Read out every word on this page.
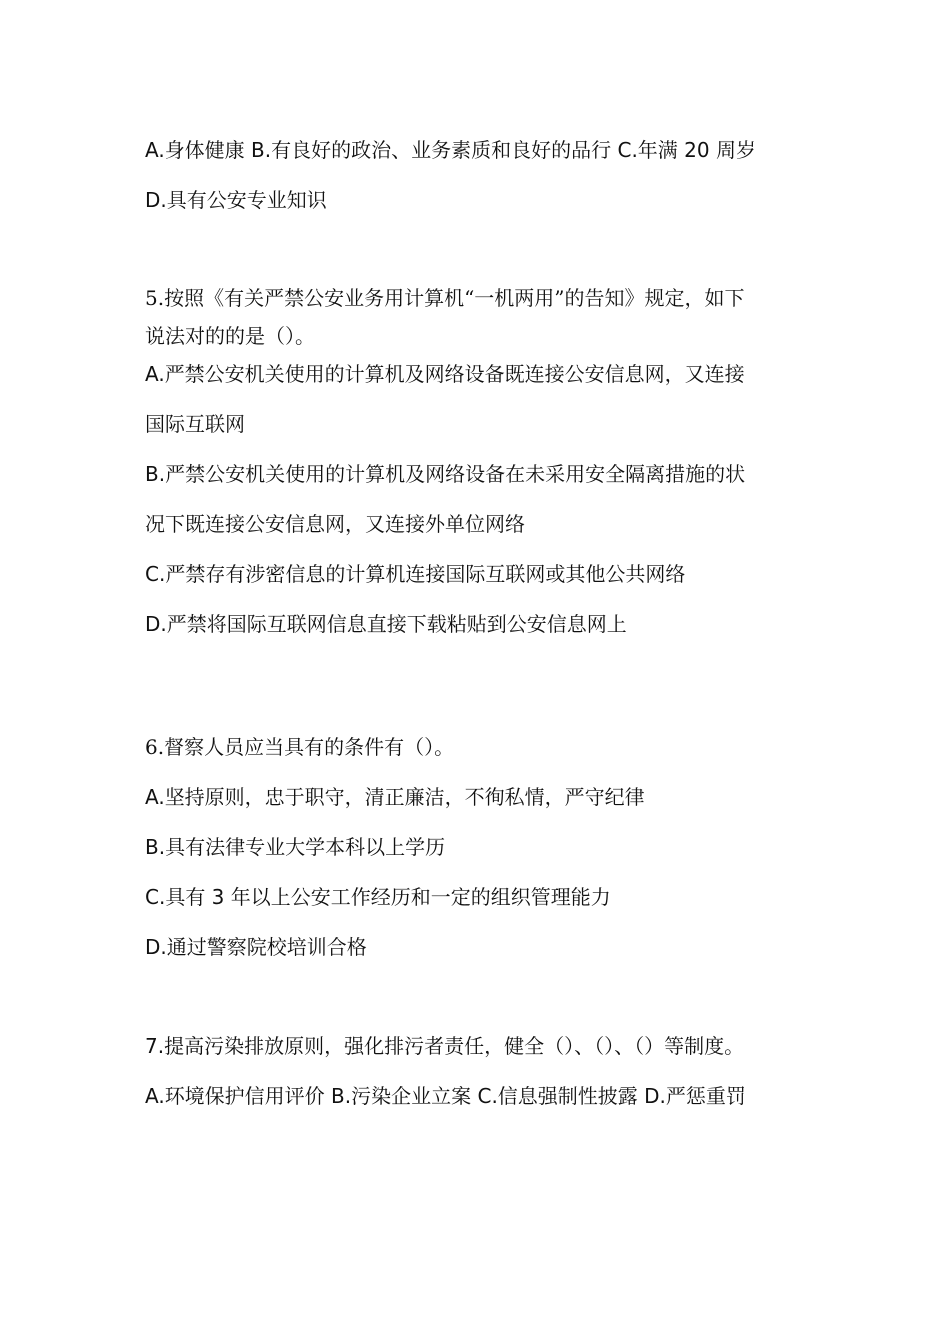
A.身体健康 B.有良好的政治、业务素质和良好的品行 C.年满 20 周岁
D.具有公安专业知识
5.按照《有关严禁公安业务用计算机“一机两用”的告知》规定，如下
说法对的的是（）。
A.严禁公安机关使用的计算机及网络设备既连接公安信息网，又连接
国际互联网
B.严禁公安机关使用的计算机及网络设备在未采用安全隔离措施的状
况下既连接公安信息网，又连接外单位网络
C.严禁存有涉密信息的计算机连接国际互联网或其他公共网络
D.严禁将国际互联网信息直接下载粘贴到公安信息网上
6.督察人员应当具有的条件有（）。
A.坚持原则，忠于职守，清正廉洁，不徇私情，严守纪律
B.具有法律专业大学本科以上学历
C.具有 3 年以上公安工作经历和一定的组织管理能力
D.通过警察院校培训合格
7.提高污染排放原则，强化排污者责任，健全（）、（）、（）等制度。
A.环境保护信用评价 B.污染企业立案 C.信息强制性披露 D.严惩重罚
